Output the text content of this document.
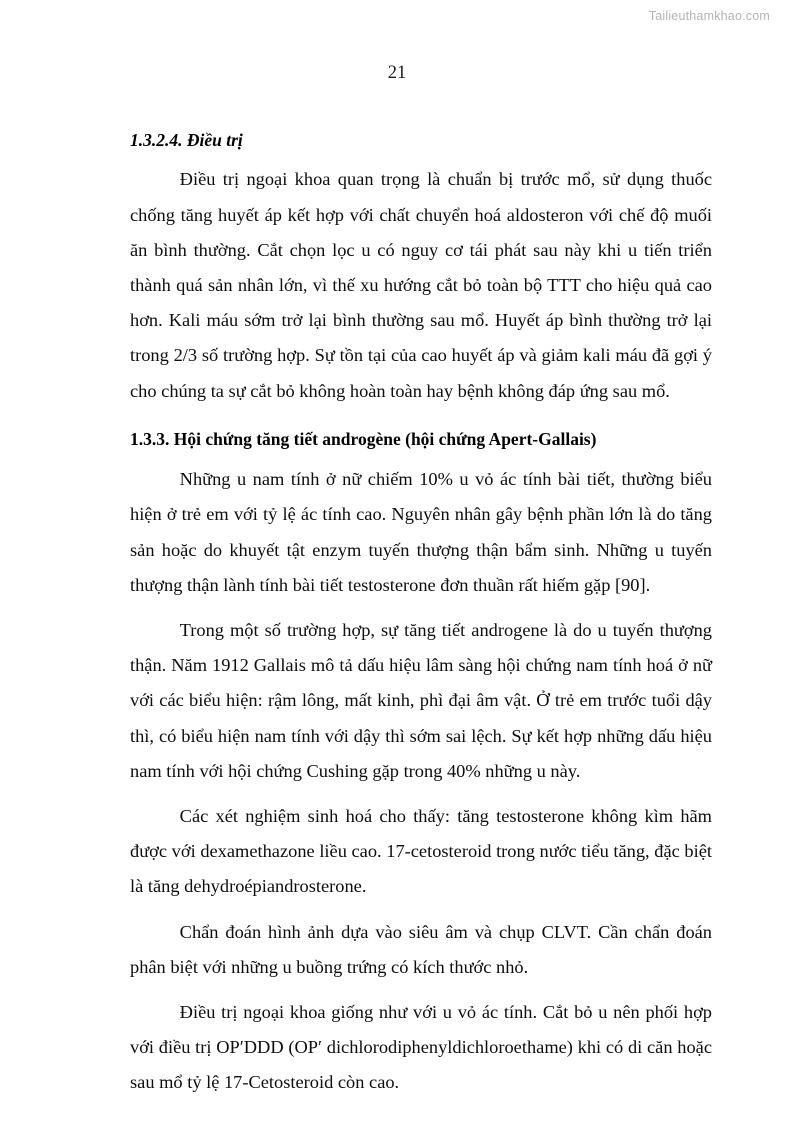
Tailieuthamkhao.com
21
1.3.2.4. Điều trị

Điều trị ngoại khoa quan trọng là chuẩn bị trước mổ, sử dụng thuốc chống tăng huyết áp kết hợp với chất chuyển hoá aldosteron với chế độ muối ăn bình thường. Cắt chọn lọc u có nguy cơ tái phát sau này khi u tiến triển thành quá sản nhân lớn, vì thế xu hướng cắt bỏ toàn bộ TTT cho hiệu quả cao hơn. Kali máu sớm trở lại bình thường sau mổ. Huyết áp bình thường trở lại trong 2/3 số trường hợp. Sự tồn tại của cao huyết áp và giảm kali máu đã gợi ý cho chúng ta sự cắt bỏ không hoàn toàn hay bệnh không đáp ứng sau mổ.

1.3.3. Hội chứng tăng tiết androgène (hội chứng Apert-Gallais)

Những u nam tính ở nữ chiếm 10% u vỏ ác tính bài tiết, thường biểu hiện ở trẻ em với tỷ lệ ác tính cao. Nguyên nhân gây bệnh phần lớn là do tăng sản hoặc do khuyết tật enzym tuyến thượng thận bẩm sinh. Những u tuyến thượng thận lành tính bài tiết testosterone đơn thuần rất hiếm gặp [90].

Trong một số trường hợp, sự tăng tiết androgene là do u tuyến thượng thận. Năm 1912 Gallais mô tả dấu hiệu lâm sàng hội chứng nam tính hoá ở nữ với các biểu hiện: rậm lông, mất kinh, phì đại âm vật. Ở trẻ em trước tuổi dậy thì, có biểu hiện nam tính với dậy thì sớm sai lệch. Sự kết hợp những dấu hiệu nam tính với hội chứng Cushing gặp trong 40% những u này.

Các xét nghiệm sinh hoá cho thấy: tăng testosterone không kìm hãm được với dexamethazone liều cao. 17-cetosteroid trong nước tiểu tăng, đặc biệt là tăng dehydroépiandrosterone.

Chẩn đoán hình ảnh dựa vào siêu âm và chụp CLVT. Cần chẩn đoán phân biệt với những u buồng trứng có kích thước nhỏ.

Điều trị ngoại khoa giống như với u vỏ ác tính. Cắt bỏ u nên phối hợp với điều trị OP′DDD (OP′ dichlorodiphenyldichloroethame) khi có di căn hoặc sau mổ tỷ lệ 17-Cetosteroid còn cao.
